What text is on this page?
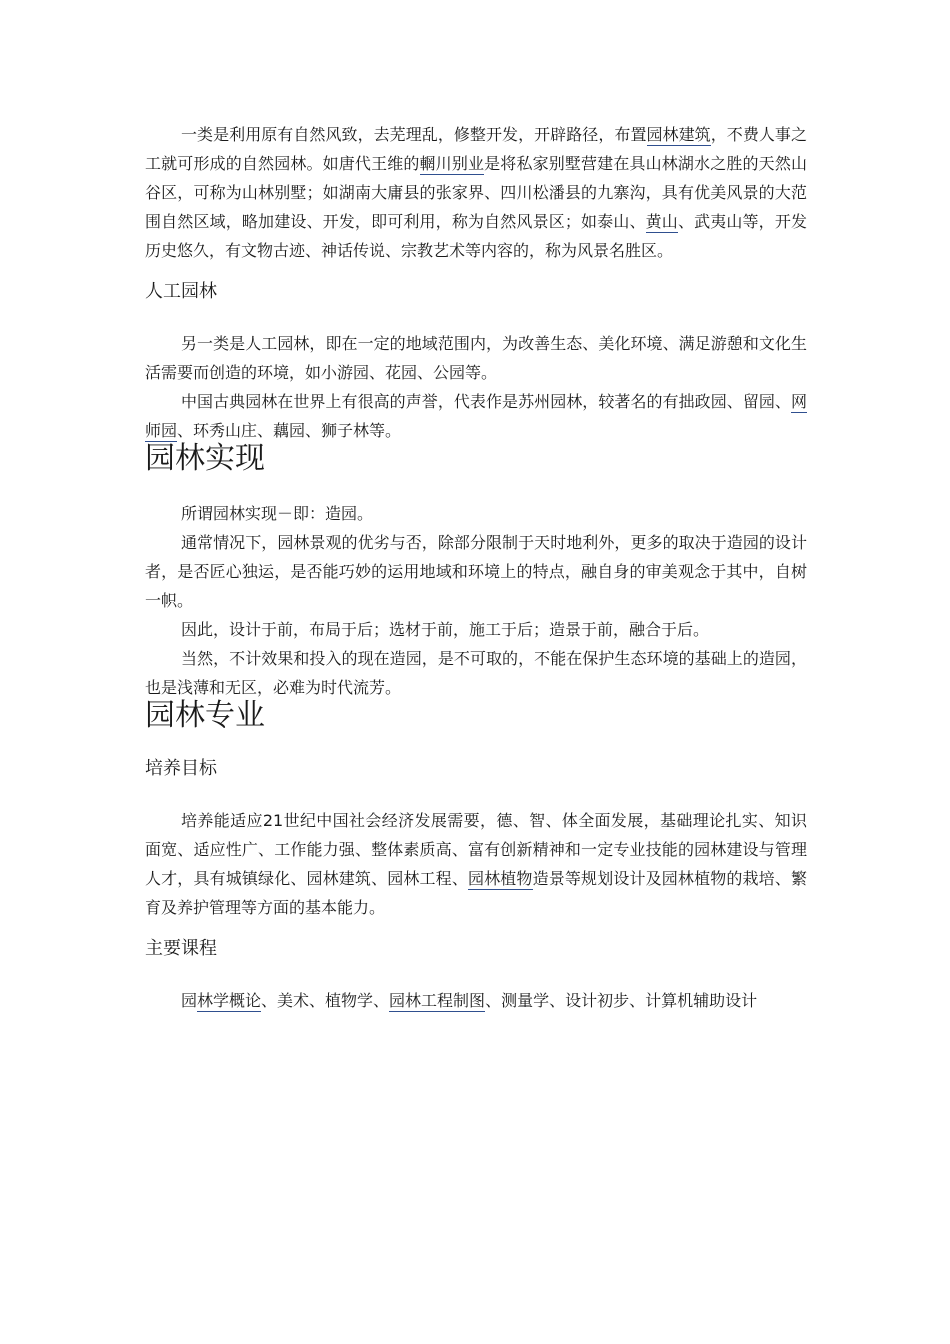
一类是利用原有自然风致，去芜理乱，修整开发，开辟路径，布置园林建筑，不费人事之工就可形成的自然园林。如唐代王维的輞川别业是将私家别墅营建在具山林湖水之胜的天然山谷区，可称为山林别墅；如湖南大庸县的张家界、四川松潘县的九寨沟，具有优美风景的大范围自然区域，略加建设、开发，即可利用，称为自然风景区；如泰山、黄山、武夷山等，开发历史悠久，有文物古迹、神话传说、宗教艺术等内容的，称为风景名胜区。

人工园林

另一类是人工园林，即在一定的地域范围内，为改善生态、美化环境、满足游憩和文化生活需要而创造的环境，如小游园、花园、公园等。

中国古典园林在世界上有很高的声誉，代表作是苏州园林，较著名的有拙政园、留园、网师园、环秀山庄、藕园、狮子林等。

园林实现

所谓园林实现－即：造园。

通常情况下，园林景观的优劣与否，除部分限制于天时地利外，更多的取决于造园的设计者，是否匠心独运，是否能巧妙的运用地域和环境上的特点，融自身的审美观念于其中，自树一帜。

因此，设计于前，布局于后；选材于前，施工于后；造景于前，融合于后。

当然，不计效果和投入的现在造园，是不可取的，不能在保护生态环境的基础上的造园，也是浅薄和无区，必难为时代流芳。

园林专业
培养目标

培养能适应21世纪中国社会经济发展需要，德、智、体全面发展，基础理论扎实、知识面宽、适应性广、工作能力强、整体素质高、富有创新精神和一定专业技能的园林建设与管理人才，具有城镇绿化、园林建筑、园林工程、园林植物造景等规划设计及园林植物的栽培、繁育及养护管理等方面的基本能力。

主要课程

园林学概论、美术、植物学、园林工程制图、测量学、设计初步、计算机辅助设计
